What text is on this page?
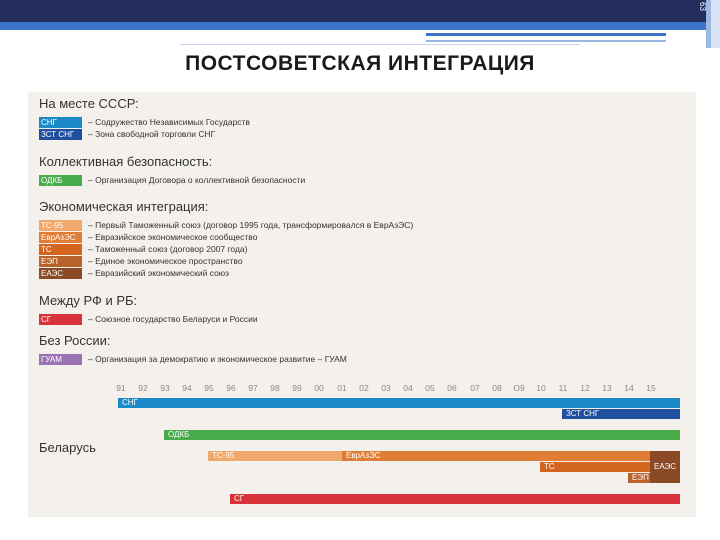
63
ПОСТСОВЕТСКАЯ ИНТЕГРАЦИЯ
На месте СССР:
СНГ	– Содружество Независимых Государств
ЗСТ СНГ	– Зона свободной торговли СНГ
Коллективная безопасность:
ОДКБ	– Организация Договора о коллективной безопасности
Экономическая интеграция:
ТС-95	– Первый Таможенный союз (договор 1995 года, трансформировался в ЕврАзЭС)
ЕврАзЭС	– Евразийское экономическое сообщество
ТС	– Таможенный союз (договор 2007 года)
ЕЭП	– Единое экономическое пространство
ЕАЭС	– Евразийский экономический союз
Между РФ и РБ:
СГ	– Союзное государство Беларуси и России
Без России:
ГУАМ	– Организация за демократию и экономическое развитие – ГУАМ
91	92	93	94	95	96	97	98	99	00	01	02	03	04	05	06	07	08	О9	10	11	12	13	14	15
СНГ
ЗСТ СНГ
Беларусь
ОДКБ
ТС-95	ЕврАзЭС
ТС
ЕЭП
ЕАЭС
СГ
